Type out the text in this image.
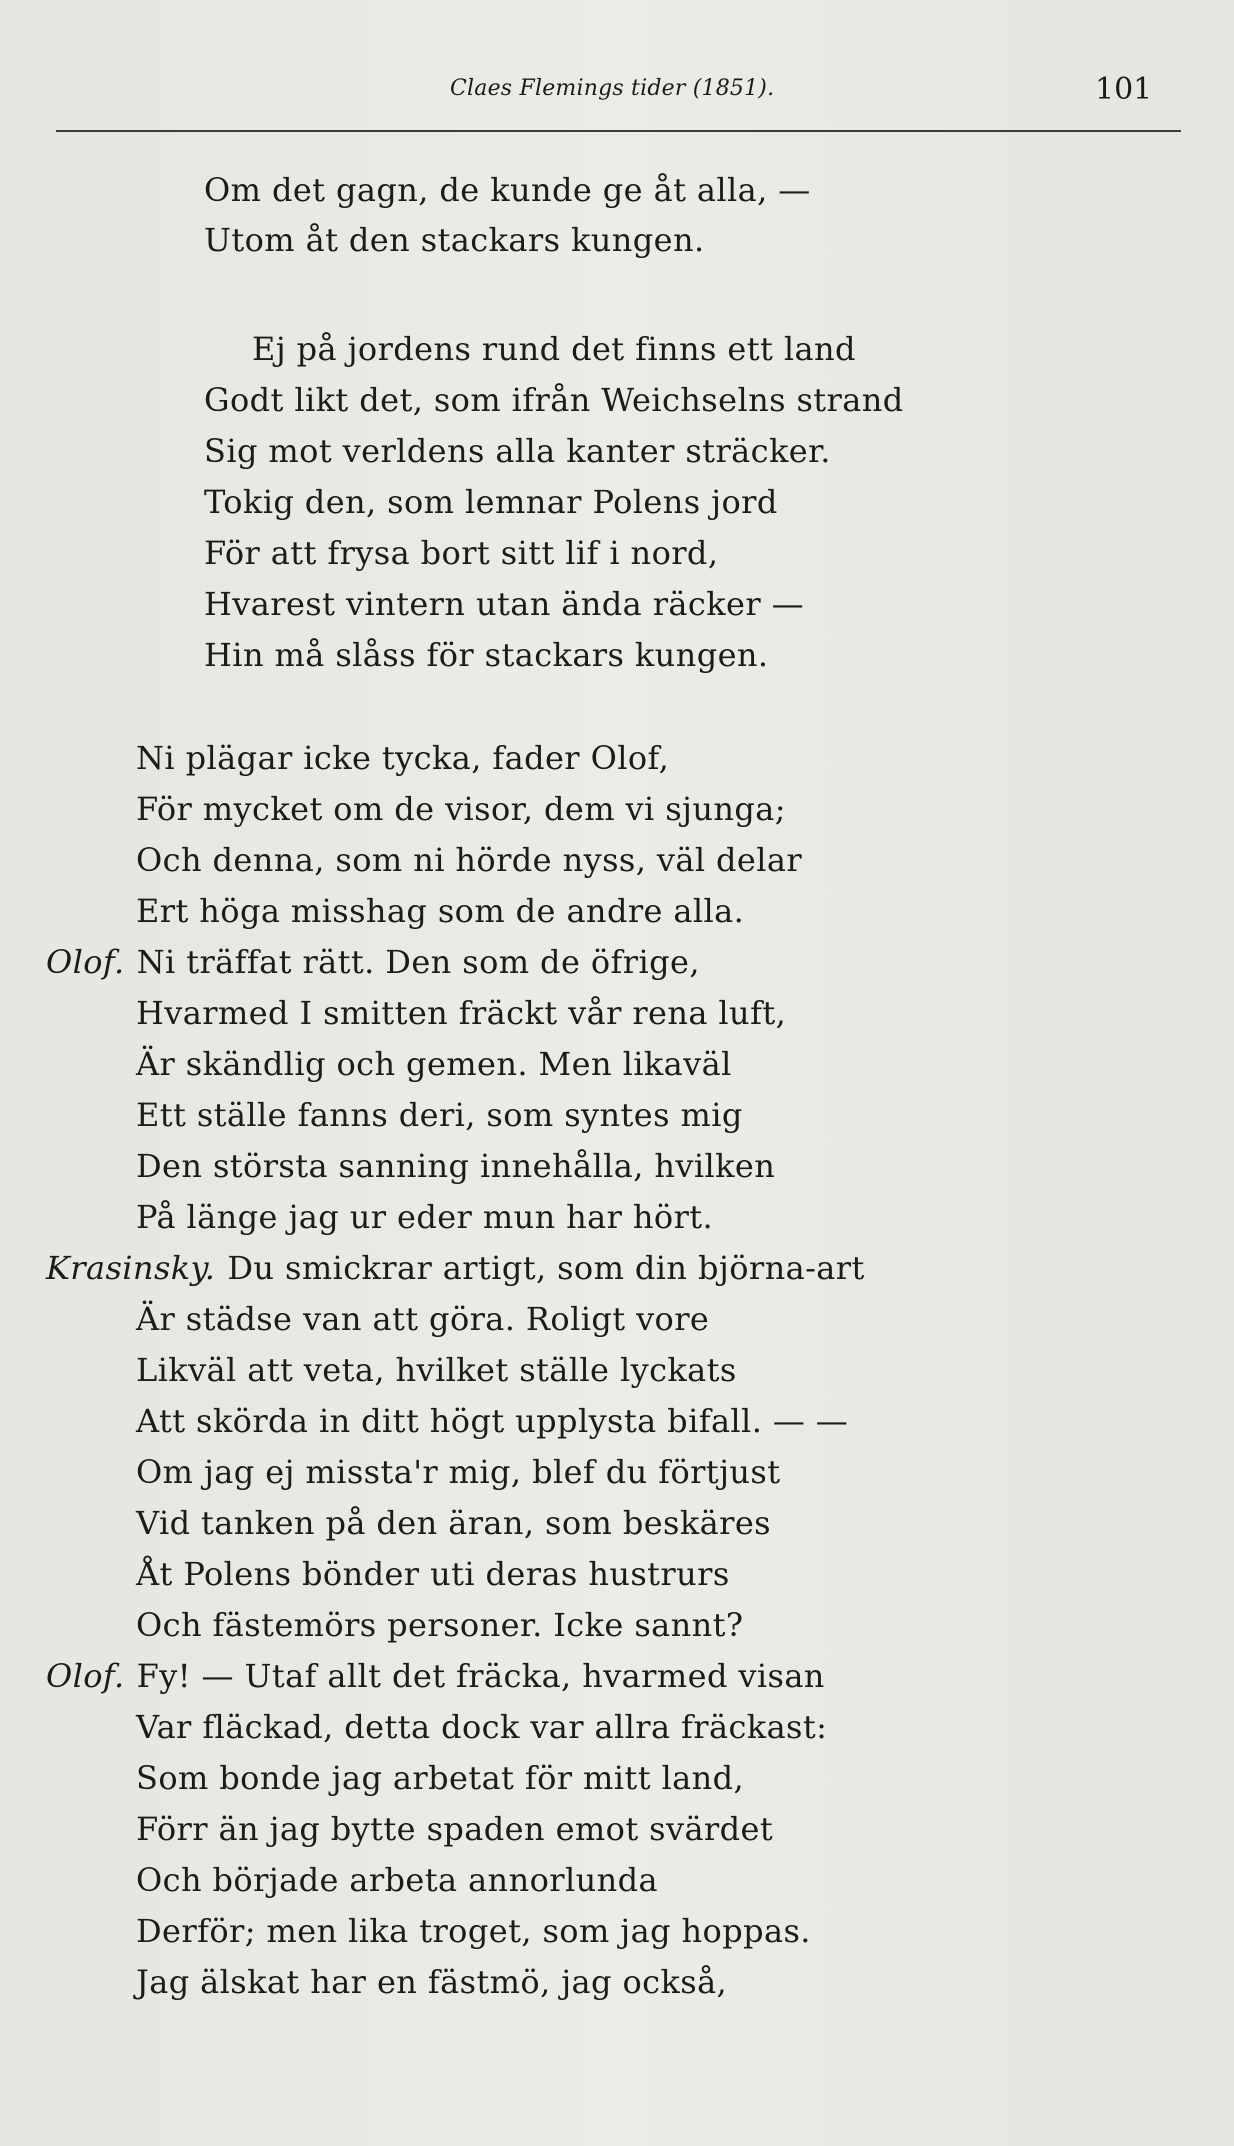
Claes Flemings tider (1851).	101
Om det gagn, de kunde ge åt alla, —
Utom åt den stackars kungen.
Ej på jordens rund det finns ett land
Godt likt det, som ifrån Weichselns strand
Sig mot verldens alla kanter sträcker.
Tokig den, som lemnar Polens jord
För att frysa bort sitt lif i nord,
Hvarest vintern utan ända räcker —
Hin må slåss för stackars kungen.
Ni plägar icke tycka, fader Olof,
För mycket om de visor, dem vi sjunga;
Och denna, som ni hörde nyss, väl delar
Ert höga misshag som de andre alla.
Olof. Ni träffat rätt. Den som de öfrige,
Hvarmed I smitten fräckt vår rena luft,
Är skändlig och gemen. Men likaväl
Ett ställe fanns deri, som syntes mig
Den största sanning innehålla, hvilken
På länge jag ur eder mun har hört.
Krasinsky. Du smickrar artigt, som din björna-art
Är städse van att göra. Roligt vore
Likväl att veta, hvilket ställe lyckats
Att skörda in ditt högt upplysta bifall. — —
Om jag ej missta'r mig, blef du förtjust
Vid tanken på den äran, som beskäres
Åt Polens bönder uti deras hustrurs
Och fästemörs personer. Icke sannt?
Olof. Fy! — Utaf allt det fräcka, hvarmed visan
Var fläckad, detta dock var allra fräckast:
Som bonde jag arbetat för mitt land,
Förr än jag bytte spaden emot svärdet
Och började arbeta annorlunda
Derför; men lika troget, som jag hoppas.
Jag älskat har en fästmö, jag också,
